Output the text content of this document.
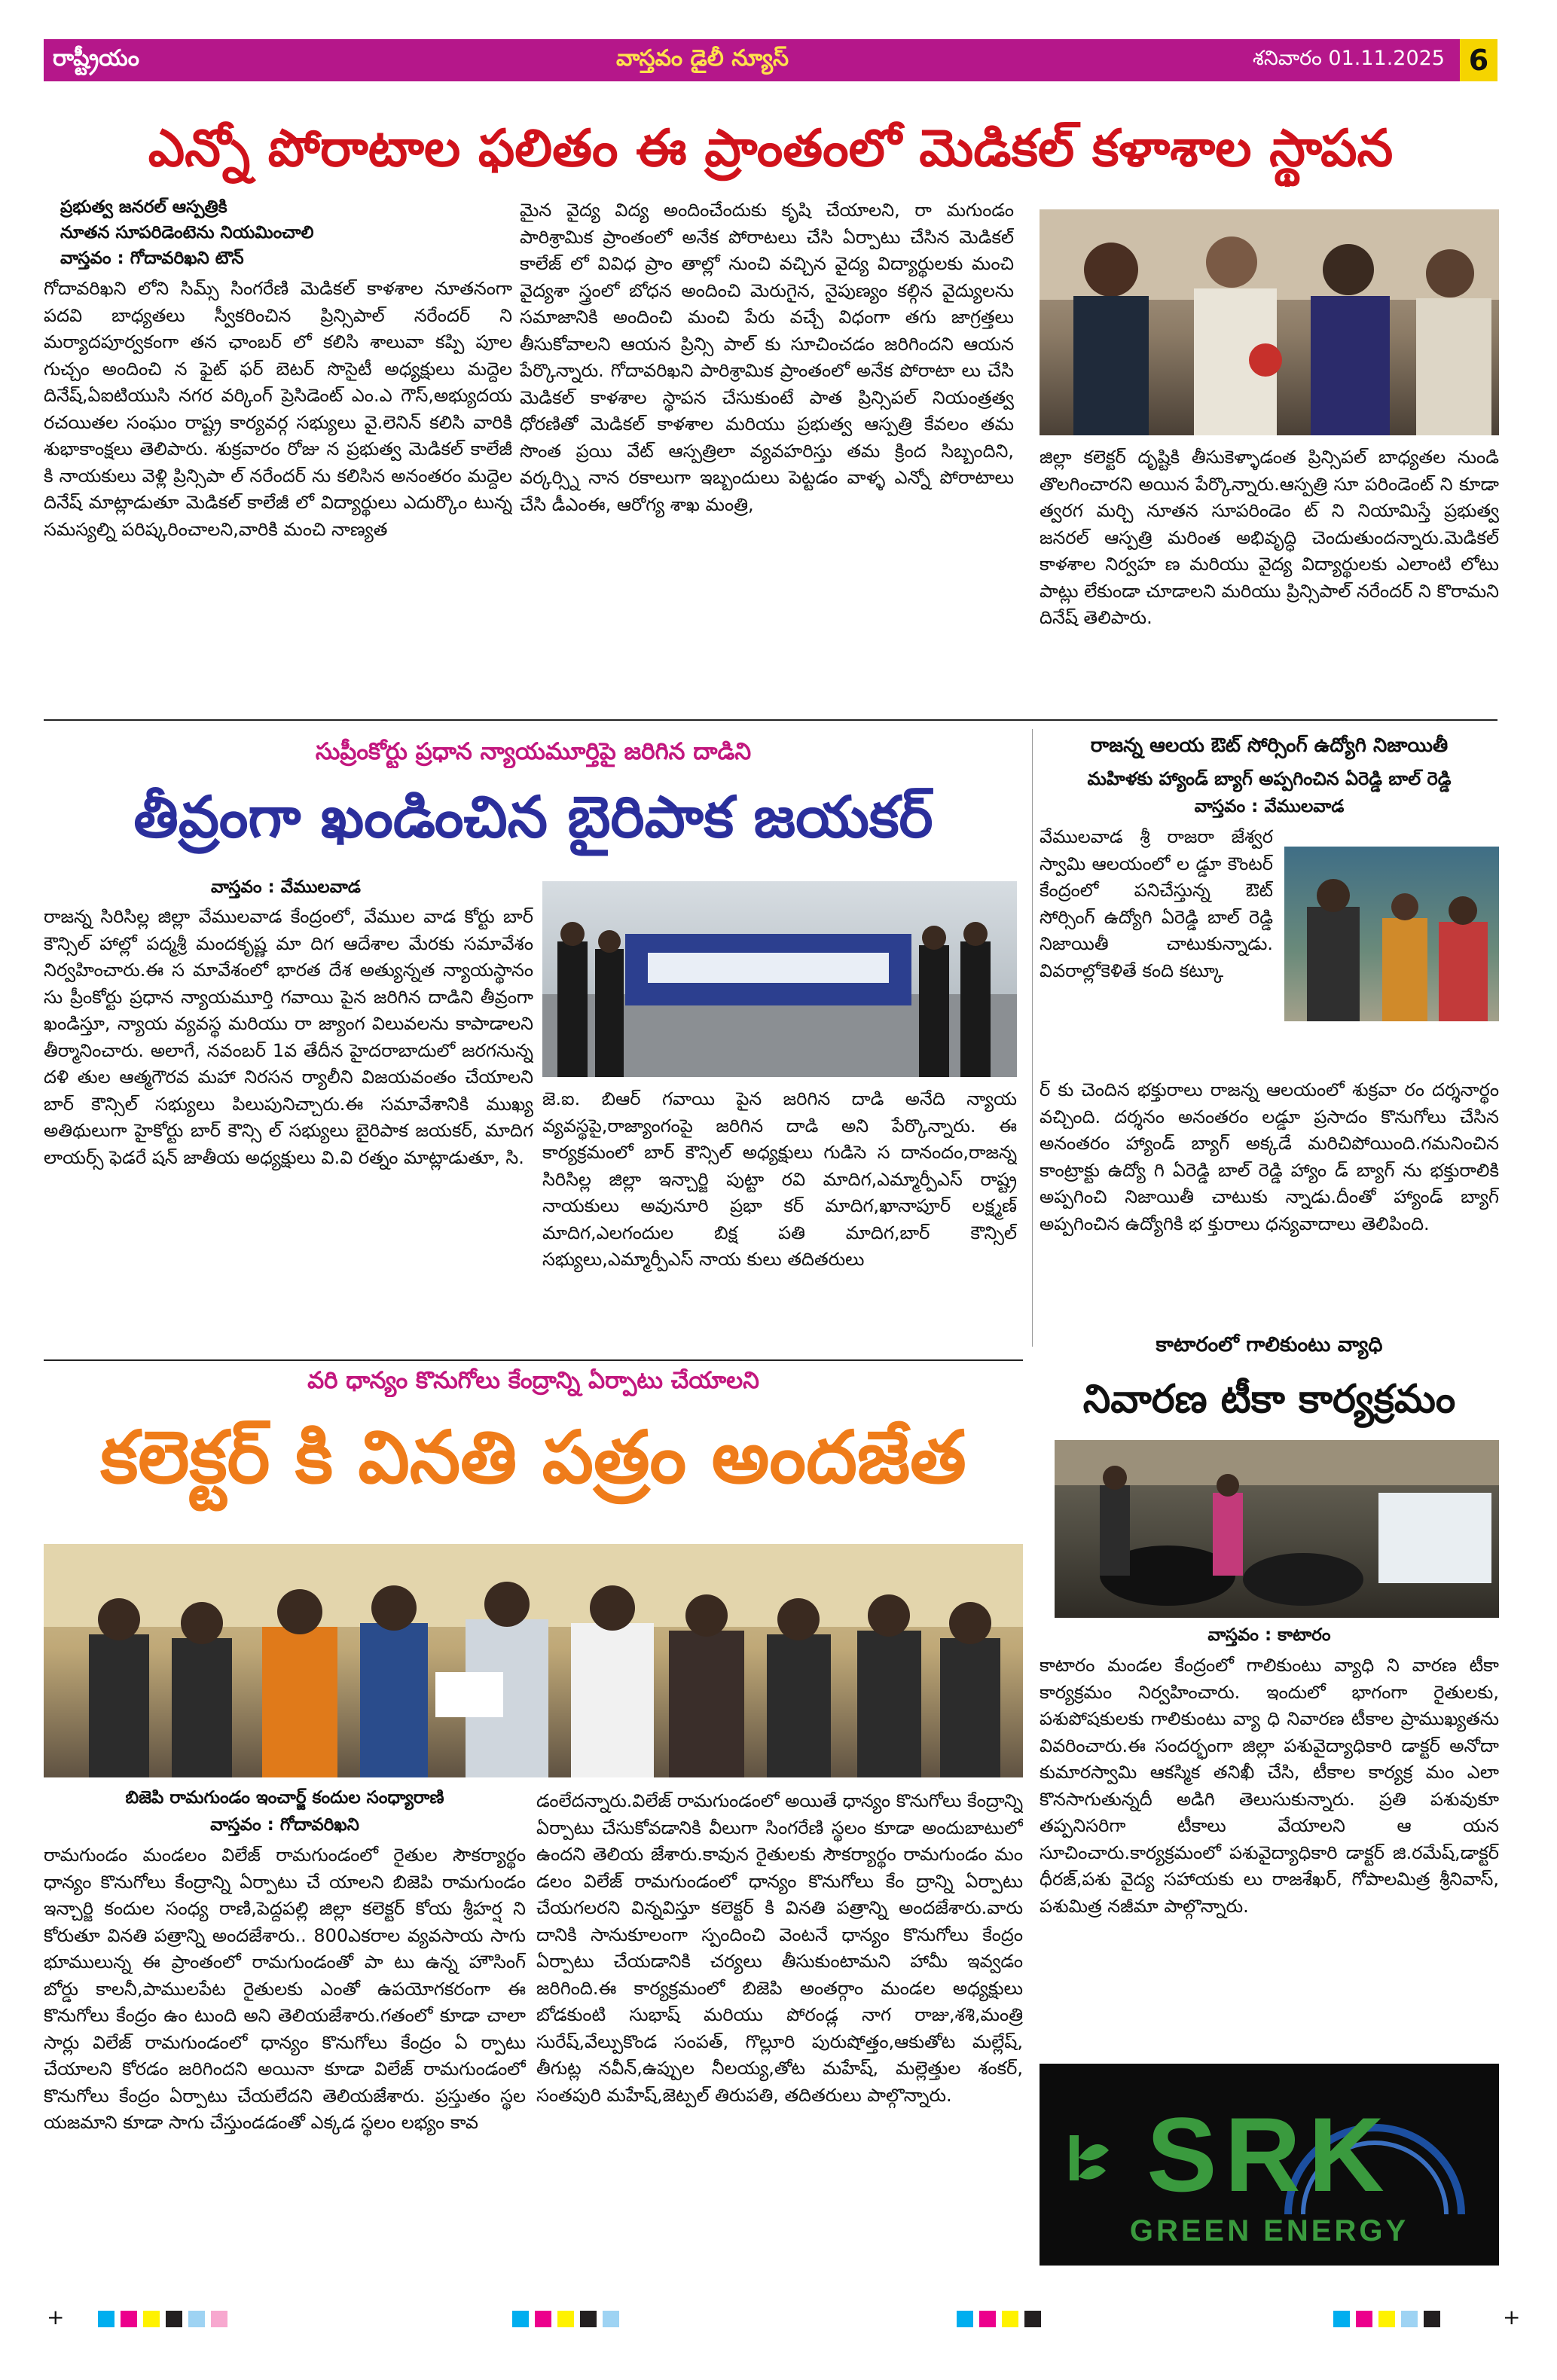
రాష్ట్రీయం	వాస్తవం డైలీ న్యూస్	శనివారం 01.11.2025 6
ఎన్నో పోరాటాల ఫలితం ఈ ప్రాంతంలో మెడికల్ కళాశాల స్థాపన
ప్రభుత్వ జనరల్ ఆస్పత్రికి
నూతన సూపరిడెంటెను నియమించాలి
వాస్తవం : గోదావరిఖని టౌన్
గోదావరిఖని లోని సిమ్స్ సింగరేణి మెడికల్ కాళశాల నూతనంగా పదవి బాధ్యతలు స్వీకరించిన ప్రిన్సిపాల్ నరేందర్ ని మర్యాదపూర్వకంగా తన ఛాంబర్ లో కలిసి శాలువా కప్పి పూల గుచ్చం అందించి న ఫైట్ ఫర్ బెటర్ సొసైటీ అధ్యక్షులు మద్దెల దినేష్,ఏఐటియుసి నగర వర్కింగ్ ప్రెసిడెంట్ ఎం.ఎ గౌస్,అభ్యుదయ రచయితల సంఘం రాష్ట్ర కార్యవర్గ సభ్యులు వై.లెనిన్ కలిసి వారికి శుభాకాంక్షలు తెలిపారు. శుక్రవారం రోజు న ప్రభుత్వ మెడికల్ కాలేజీ కి నాయకులు వెళ్లి ప్రిన్సిపా ల్ నరేందర్ ను కలిసిన అనంతరం మద్దెల దినేష్ మాట్లాడుతూ మెడికల్ కాలేజీ లో విద్యార్థులు ఎదుర్కొం టున్న సమస్యల్ని పరిష్కరించాలని,వారికి మంచి నాణ్యత
మైన వైద్య విద్య అందించేందుకు కృషి చేయాలని, రా మగుండం పారిశ్రామిక ప్రాంతంలో అనేక పోరాటలు చేసి ఏర్పాటు చేసిన మెడికల్ కాలేజ్ లో వివిధ ప్రాం తాల్లో నుంచి వచ్చిన వైద్య విద్యార్థులకు మంచి వైద్యశా స్త్రంలో బోధన అందించి మెరుగైన, నైపుణ్యం కల్గిన వైద్యులను సమాజానికి అందించి మంచి పేరు వచ్చే విధంగా తగు జాగ్రత్తలు తీసుకోవాలని ఆయన ప్రిన్సి పాల్ కు సూచించడం జరిగిందని ఆయన పేర్కొన్నారు. గోదావరిఖని పారిశ్రామిక ప్రాంతంలో అనేక పోరాటా లు చేసి మెడికల్ కాళశాల స్థాపన చేసుకుంటే పాత ప్రిన్సిపల్ నియంత్రత్వ ధోరణితో మెడికల్ కాళశాల మరియు ప్రభుత్వ ఆస్పత్రి కేవలం తమ సొంత ప్రయి వేట్ ఆస్పత్రిలా వ్యవహరిస్తు తమ క్రింద సిబ్బందిని, వర్కర్స్ని నాన రకాలుగా ఇబ్బందులు పెట్టడం వాళ్ళ ఎన్నో పోరాటాలు చేసి డీఎంఈ, ఆరోగ్య శాఖ మంత్రి,
జిల్లా కలెక్టర్ దృష్టికి తీసుకెళ్ళాడంత ప్రిన్సిపల్ బాధ్యతల నుండి తొలగించారని అయిన పేర్కొన్నారు.ఆస్పత్రి సూ పరిండెంట్ ని కూడా త్వరగ మర్చి నూతన సూపరిండెం ట్ ని నియామిస్తే ప్రభుత్వ జనరల్ ఆస్పత్రి మరింత అభివృద్ధి చెందుతుందన్నారు.మెడికల్ కాళశాల నిర్వహ ణ మరియు వైద్య విద్యార్థులకు ఎలాంటి లోటు పాట్లు లేకుండా చూడాలని మరియు ప్రిన్సిపాల్ నరేందర్ ని కొరామని దినేష్ తెలిపారు.
సుప్రీంకోర్టు ప్రధాన న్యాయమూర్తిపై జరిగిన దాడిని
తీవ్రంగా ఖండించిన బైరిపాక జయకర్
వాస్తవం : వేములవాడ
రాజన్న సిరిసిల్ల జిల్లా వేములవాడ కేంద్రంలో, వేముల వాడ కోర్టు బార్ కౌన్సిల్ హాల్లో పద్మశ్రీ మందకృష్ణ మా దిగ ఆదేశాల మేరకు సమావేశం నిర్వహించారు.ఈ స మావేశంలో భారత దేశ అత్యున్నత న్యాయస్థానం సు ప్రీంకోర్టు ప్రధాన న్యాయమూర్తి గవాయి పైన జరిగిన దాడిని తీవ్రంగా ఖండిస్తూ, న్యాయ వ్యవస్థ మరియు రా జ్యాంగ విలువలను కాపాడాలని తీర్మానించారు. అలాగే, నవంబర్ 1వ తేదీన హైదరాబాదులో జరగనున్న దళి తుల ఆత్మగౌరవ మహా నిరసన ర్యాలీని విజయవంతం చేయాలని బార్ కౌన్సిల్ సభ్యులు పిలుపునిచ్చారు.ఈ సమావేశానికి ముఖ్య అతిథులుగా హైకోర్టు బార్ కౌన్సి ల్ సభ్యులు బైరిపాక జయకర్, మాదిగ లాయర్స్ ఫెడరే షన్ జాతీయ అధ్యక్షులు వి.వి రత్నం మాట్లాడుతూ, సి.
జె.ఐ. బిఆర్ గవాయి పైన జరిగిన దాడి అనేది న్యాయ వ్యవస్థపై,రాజ్యాంగంపై జరిగిన దాడి అని పేర్కొన్నారు. ఈ కార్యక్రమంలో బార్ కౌన్సిల్ అధ్యక్షులు గుడిసె స దానందం,రాజన్న సిరిసిల్ల జిల్లా ఇన్చార్జి పుట్టా రవి మాదిగ,ఎమ్మార్పీఎస్ రాష్ట్ర నాయకులు అవునూరి ప్రభా కర్ మాదిగ,ఖానాపూర్ లక్ష్మణ్ మాదిగ,ఎలగందుల బిక్ష పతి మాదిగ,బార్ కౌన్సిల్ సభ్యులు,ఎమ్మార్పీఎస్ నాయ కులు తదితరులు
రాజన్న ఆలయ ఔట్ సోర్సింగ్ ఉద్యోగి నిజాయితీ
మహిళకు హ్యాండ్ బ్యాగ్ అప్పగించిన ఏరెడ్డి బాల్ రెడ్డి
వాస్తవం : వేములవాడ
వేములవాడ శ్రీ రాజరా జేశ్వర స్వామి ఆలయంలో ల డ్డూ కౌంటర్ కేంద్రంలో పనిచేస్తున్న ఔట్ సోర్సింగ్ ఉద్యోగి ఏరెడ్డి బాల్ రెడ్డి నిజాయితీ చాటుకున్నాడు. వివరాల్లోకెళితే కంది కట్కూ
ర్ కు చెందిన భక్తురాలు రాజన్న ఆలయంలో శుక్రవా రం దర్శనార్థం వచ్చింది. దర్శనం అనంతరం లడ్డూ ప్రసాదం కొనుగోలు చేసిన అనంతరం హ్యాండ్ బ్యాగ్ అక్కడే మరిచిపోయింది.గమనించిన కాంట్రాక్టు ఉద్యో గి ఏరెడ్డి బాల్ రెడ్డి హ్యాం డ్ బ్యాగ్ ను భక్తురాలికి అప్పగించి నిజాయితీ చాటుకు న్నాడు.దీంతో హ్యాండ్ బ్యాగ్ అప్పగించిన ఉద్యోగికి భ క్తురాలు ధన్యవాదాలు తెలిపింది.
కాటారంలో గాలికుంటు వ్యాధి
నివారణ టీకా కార్యక్రమం
వాస్తవం : కాటారం
కాటారం మండల కేంద్రంలో గాలికుంటు వ్యాధి ని వారణ టీకా కార్యక్రమం నిర్వహించారు. ఇందులో భాగంగా రైతులకు, పశుపోషకులకు గాలికుంటు వ్యా ధి నివారణ టీకాల ప్రాముఖ్యతను వివరించారు.ఈ సందర్భంగా జిల్లా పశువైద్యాధికారి డాక్టర్ అనోదా కుమారస్వామి ఆకస్మిక తనిఖీ చేసి, టీకాల కార్యక్ర మం ఎలా కొనసాగుతున్నదీ అడిగి తెలుసుకున్నారు. ప్రతి పశువుకూ తప్పనిసరిగా టీకాలు వేయాలని ఆ యన సూచించారు.కార్యక్రమంలో పశువైద్యాధికారి డాక్టర్ జి.రమేష్,డాక్టర్ ధీరజ్,పశు వైద్య సహాయకు లు రాజశేఖర్, గోపాలమిత్ర శ్రీనివాస్, పశుమిత్ర నజీమా పాల్గొన్నారు.
SRK
GREEN ENERGY
వరి ధాన్యం కొనుగోలు కేంద్రాన్ని ఏర్పాటు చేయాలని
కలెక్టర్ కి వినతి పత్రం అందజేత
బిజెపి రామగుండం ఇంచార్జ్ కందుల సంధ్యారాణి
వాస్తవం : గోదావరిఖని
రామగుండం మండలం విలేజ్ రామగుండంలో రైతుల సౌకర్యార్థం ధాన్యం కొనుగోలు కేంద్రాన్ని ఏర్పాటు చే యాలని బిజెపి రామగుండం ఇన్చార్జి కందుల సంధ్య రాణి,పెద్దపల్లి జిల్లా కలెక్టర్ కోయ శ్రీహర్ష ని కోరుతూ వినతి పత్రాన్ని అందజేశారు.. 800ఎకరాల వ్యవసాయ సాగు భూములున్న ఈ ప్రాంతంలో రామగుండంతో పా టు ఉన్న హౌసింగ్ బోర్డు కాలనీ,పాములపేట రైతులకు ఎంతో ఉపయోగకరంగా ఈ కొనుగోలు కేంద్రం ఉం టుంది అని తెలియజేశారు.గతంలో కూడా చాలా సార్లు విలేజ్ రామగుండంలో ధాన్యం కొనుగోలు కేంద్రం ఏ ర్పాటు చేయాలని కోరడం జరిగిందని అయినా కూడా విలేజ్ రామగుండంలో కొనుగోలు కేంద్రం ఏర్పాటు చేయలేదని తెలియజేశారు. ప్రస్తుతం స్థల యజమాని కూడా సాగు చేస్తుండడంతో ఎక్కడ స్థలం లభ్యం కావ
డంలేదన్నారు.విలేజ్ రామగుండంలో అయితే ధాన్యం కొనుగోలు కేంద్రాన్ని ఏర్పాటు చేసుకోవడానికి వీలుగా సింగరేణి స్థలం కూడా అందుబాటులో ఉందని తెలియ జేశారు.కావున రైతులకు సౌకర్యార్థం రామగుండం మం డలం విలేజ్ రామగుండంలో ధాన్యం కొనుగోలు కేం ద్రాన్ని ఏర్పాటు చేయగలరని విన్నవిస్తూ కలెక్టర్ కి వినతి పత్రాన్ని అందజేశారు.వారు దానికి సానుకూలంగా స్పందించి వెంటనే ధాన్యం కొనుగోలు కేంద్రం ఏర్పాటు చేయడానికి చర్యలు తీసుకుంటామని హామీ ఇవ్వడం జరిగింది.ఈ కార్యక్రమంలో బిజెపి అంతర్గాం మండల అధ్యక్షులు బోడకుంటి సుభాష్ మరియు పోరండ్ల నాగ రాజు,శశి,మంత్రి సురేష్,వేల్పుకొండ సంపత్, గొల్లూరి పురుషోత్తం,ఆకుతోట మల్లేష్, తీగుట్ల నవీన్,ఉప్పుల నీలయ్య,తోట మహేష్, మల్లెత్తుల శంకర్, సంతపురి మహేష్,జెట్పల్ తిరుపతి, తదితరులు పాల్గొన్నారు.
+	+
